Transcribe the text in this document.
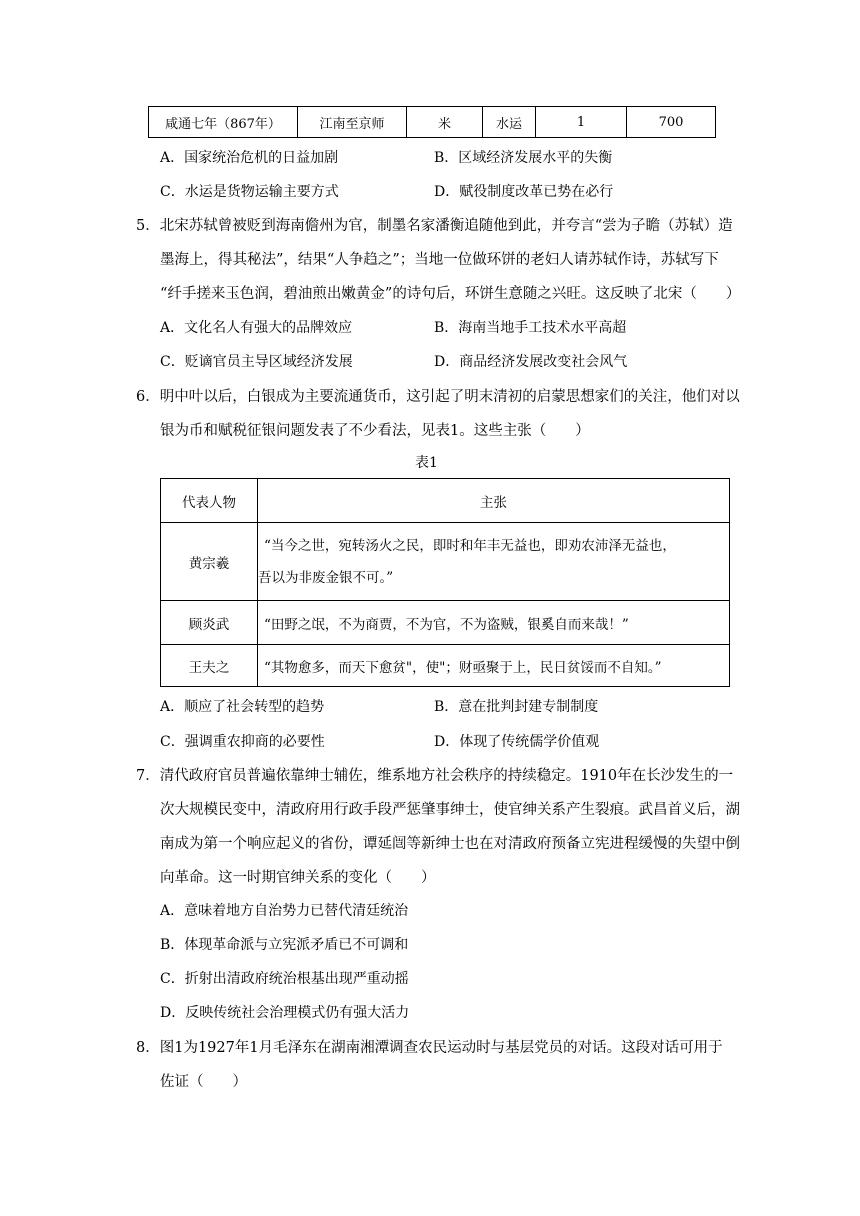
咸通七年（867年）	江南至京师	米	水运	1	700
A．国家统治危机的日益加剧	B．区域经济发展水平的失衡
C．水运是货物运输主要方式	D．赋役制度改革已势在必行
5．北宋苏轼曾被贬到海南儋州为官，制墨名家潘衡追随他到此，并夸言“尝为子瞻（苏轼）造
墨海上，得其秘法”，结果“人争趋之”；当地一位做环饼的老妇人请苏轼作诗，苏轼写下
“纤手搓来玉色润，碧油煎出嫩黄金”的诗句后，环饼生意随之兴旺。这反映了北宋（　　）
A．文化名人有强大的品牌效应	B．海南当地手工技术水平高超
C．贬谪官员主导区域经济发展	D．商品经济发展改变社会风气
6．明中叶以后，白银成为主要流通货币，这引起了明末清初的启蒙思想家们的关注，他们对以
银为币和赋税征银问题发表了不少看法，见表1。这些主张（　　）
表1
代表人物	主张
黄宗羲	“当今之世，宛转汤火之民，即时和年丰无益也，即劝农沛泽无益也，
吾以为非废金银不可。”

顾炎武	“田野之氓，不为商贾，不为官，不为盗贼，银奚自而来哉！”
王夫之	“其物愈多，而天下愈贫"，使"；财亟聚于上，民日贫馁而不自知。”
A．顺应了社会转型的趋势	B．意在批判封建专制制度
C．强调重农抑商的必要性	D．体现了传统儒学价值观
7．清代政府官员普遍依靠绅士辅佐，维系地方社会秩序的持续稳定。1910年在长沙发生的一
次大规模民变中，清政府用行政手段严惩肇事绅士，使官绅关系产生裂痕。武昌首义后，湖
南成为第一个响应起义的省份，谭延闿等新绅士也在对清政府预备立宪进程缓慢的失望中倒
向革命。这一时期官绅关系的变化（　　）
A．意味着地方自治势力已替代清廷统治
B．体现革命派与立宪派矛盾已不可调和
C．折射出清政府统治根基出现严重动摇
D．反映传统社会治理模式仍有强大活力
8．图1为1927年1月毛泽东在湖南湘潭调查农民运动时与基层党员的对话。这段对话可用于
佐证（　　）
